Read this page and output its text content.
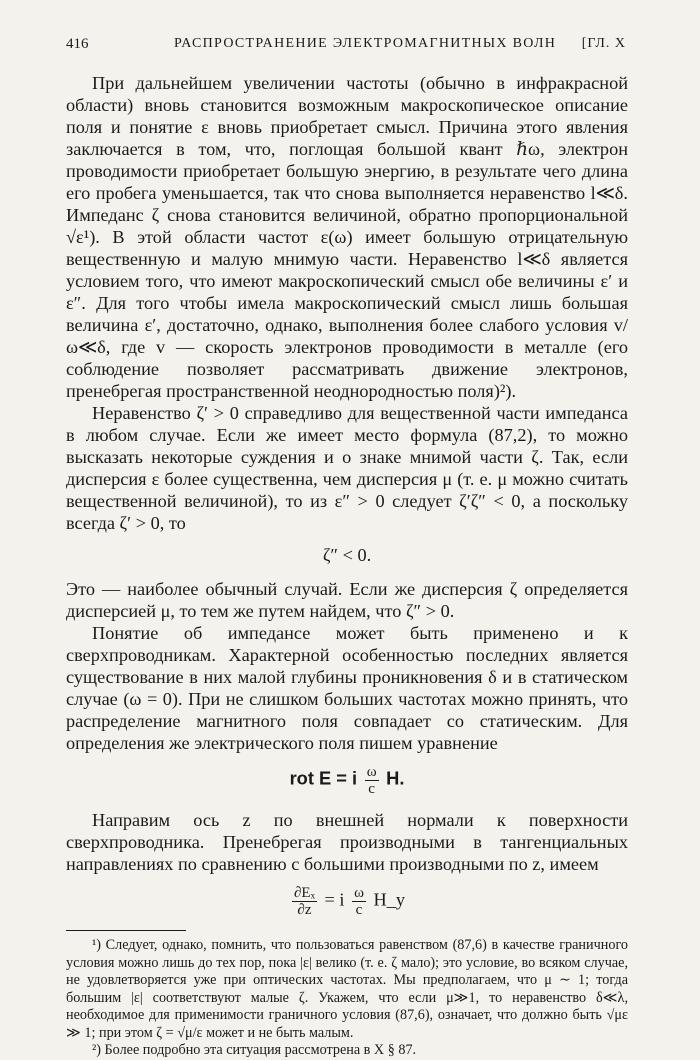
416	РАСПРОСТРАНЕНИЕ ЭЛЕКТРОМАГНИТНЫХ ВОЛН [ГЛ. X

При дальнейшем увеличении частоты (обычно в инфракрасной области) вновь становится возможным макроскопическое описание поля и понятие ε вновь приобретает смысл. Причина этого явления заключается в том, что, поглощая большой квант ℏω, электрон проводимости приобретает большую энергию, в результате чего длина его пробега уменьшается, так что снова выполняется неравенство l≪δ. Импеданс ζ снова становится величиной, обратно пропорциональной √ε¹). В этой области частот ε(ω) имеет большую отрицательную вещественную и малую мнимую части. Неравенство l≪δ является условием того, что имеют макроскопический смысл обе величины ε′ и ε″. Для того чтобы имела макроскопический смысл лишь большая величина ε′, достаточно, однако, выполнения более слабого условия v/ω≪δ, где v — скорость электронов проводимости в металле (его соблюдение позволяет рассматривать движение электронов, пренебрегая пространственной неоднородностью поля)²).

Неравенство ζ′ > 0 справедливо для вещественной части импеданса в любом случае. Если же имеет место формула (87,2), то можно высказать некоторые суждения и о знаке мнимой части ζ. Так, если дисперсия ε более существенна, чем дисперсия μ (т. е. μ можно считать вещественной величиной), то из ε″ > 0 следует ζ′ζ″ < 0, а поскольку всегда ζ′ > 0, то

ζ″ < 0.

Это — наиболее обычный случай. Если же дисперсия ζ определяется дисперсией μ, то тем же путем найдем, что ζ″ > 0.

Понятие об импедансе может быть применено и к сверхпроводникам. Характерной особенностью последних является существование в них малой глубины проникновения δ и в статическом случае (ω = 0). При не слишком больших частотах можно принять, что распределение магнитного поля совпадает со статическим. Для определения же электрического поля пишем уравнение

rot E = i $\frac{\omega}{c} H$.

Направим ось z по внешней нормали к поверхности сверхпроводника. Пренебрегая производными в тангенциальных направлениях по сравнению с большими производными по z, имеем

$\frac{\text{∂Eₓ}}{\partial z} = i \frac{\omega}{c}$ H_y

¹) Следует, однако, помнить, что пользоваться равенством (87,6) в качестве граничного условия можно лишь до тех пор, пока |ε| велико (т. е. ζ мало); это условие, во всяком случае, не удовлетворяется уже при оптических частотах. Мы предполагаем, что μ ∼ 1; тогда большим |ε| соответствуют малые ζ. Укажем, что если μ≫1, то неравенство δ≪λ, необходимое для применимости граничного условия (87,6), означает, что должно быть √με ≫ 1; при этом ζ = √μ/ε может и не быть малым.

²) Более подробно эта ситуация рассмотрена в X § 87.
